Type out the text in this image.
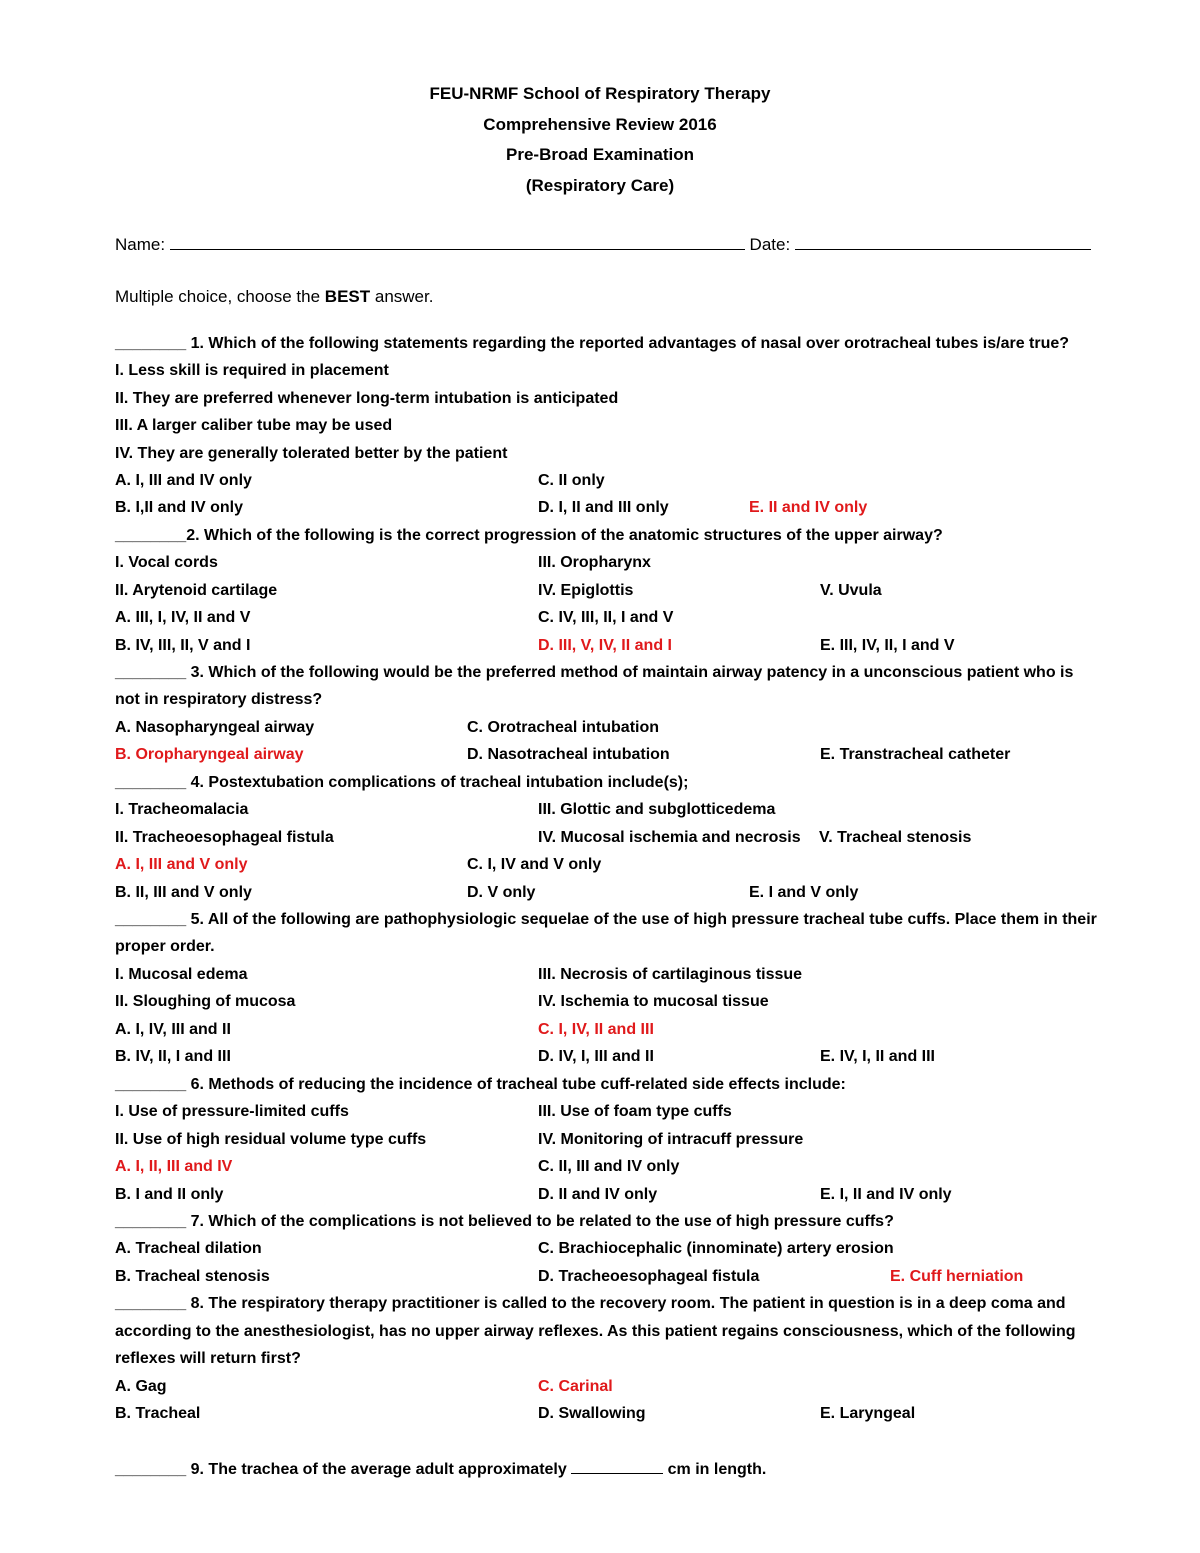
FEU-NRMF School of Respiratory Therapy
Comprehensive Review 2016
Pre-Broad Examination
(Respiratory Care)
Name:	Date:
Multiple choice, choose the BEST answer.
________ 1. Which of the following statements regarding the reported advantages of nasal over orotracheal tubes is/are true?
I. Less skill is required in placement
II. They are preferred whenever long-term intubation is anticipated
III. A larger caliber tube may be used
IV. They are generally tolerated better by the patient
A. I, III and IV only	C. II only
B. I,II and IV only	D. I, II and III only	E. II and IV only
________2. Which of the following is the correct progression of the anatomic structures of the upper airway?
I. Vocal cords	III. Oropharynx
II. Arytenoid cartilage	IV. Epiglottis	V. Uvula
A. III, I, IV, II and V	C. IV, III, II, I and V
B. IV, III, II, V and I	D. III, V, IV, II and I	E. III, IV, II, I and V
________ 3. Which of the following would be the preferred method of maintain airway patency in a unconscious patient who is
not in respiratory distress?
A. Nasopharyngeal airway	C. Orotracheal intubation
B. Oropharyngeal airway	D. Nasotracheal intubation	E. Transtracheal catheter
________ 4. Postextubation complications of tracheal intubation include(s);
I. Tracheomalacia	III. Glottic and subglotticedema
II. Tracheoesophageal fistula	IV. Mucosal ischemia and necrosis V. Tracheal stenosis
A. I, III and V only	C. I, IV and V only
B. II, III and V only	D. V only	E. I and V only
________ 5. All of the following are pathophysiologic sequelae of the use of high pressure tracheal tube cuffs. Place them in their
proper order.
I. Mucosal edema	III. Necrosis of cartilaginous tissue
II. Sloughing of mucosa	IV. Ischemia to mucosal tissue
A. I, IV, III and II	C. I, IV, II and III
B. IV, II, I and III	D. IV, I, III and II	E. IV, I, II and III
________ 6. Methods of reducing the incidence of tracheal tube cuff-related side effects include:
I. Use of pressure-limited cuffs	III. Use of foam type cuffs
II. Use of high residual volume type cuffs	IV. Monitoring of intracuff pressure
A. I, II, III and IV	C. II, III and IV only
B. I and II only	D. II and IV only	E. I, II and IV only
________ 7. Which of the complications is not believed to be related to the use of high pressure cuffs?
A. Tracheal dilation	C. Brachiocephalic (innominate) artery erosion
B. Tracheal stenosis	D. Tracheoesophageal fistula	E. Cuff herniation
________ 8. The respiratory therapy practitioner is called to the recovery room. The patient in question is in a deep coma and
according to the anesthesiologist, has no upper airway reflexes. As this patient regains consciousness, which of the following
reflexes will return first?
A. Gag	C. Carinal
B. Tracheal	D. Swallowing	E. Laryngeal
________ 9. The trachea of the average adult approximately	cm in length.
